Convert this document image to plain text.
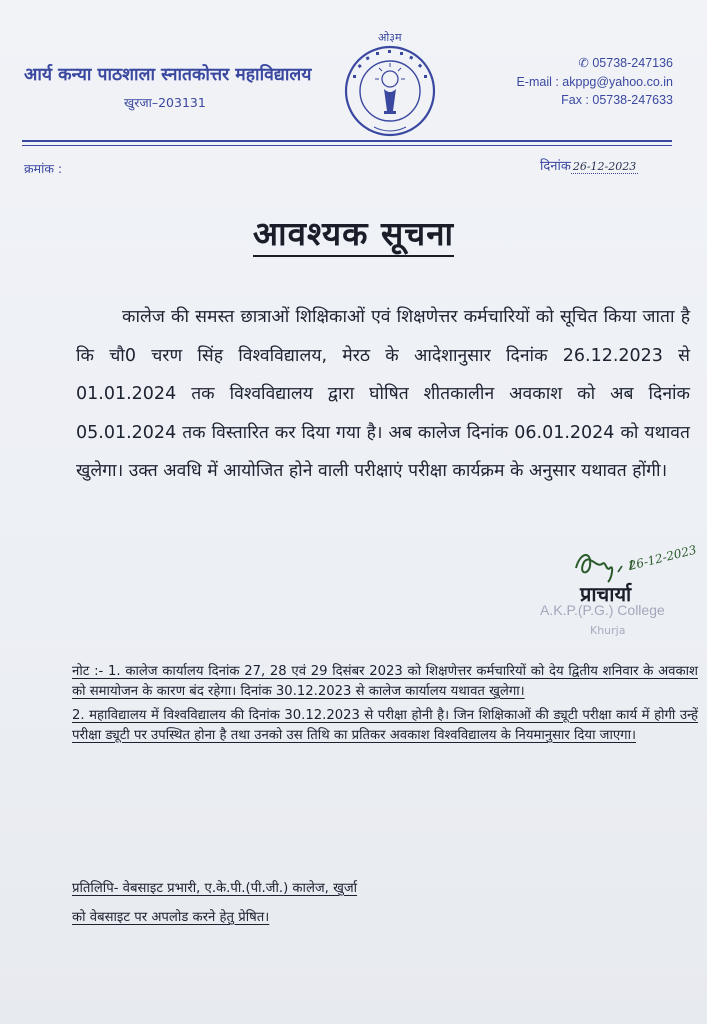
आर्य कन्या पाठशाला स्नातकोत्तर महाविद्यालय
खुरजा–203131
ओ३म
✆ 05738-247136
E-mail : akppg@yahoo.co.in
Fax : 05738-247633
क्रमांक :	दिनांक 26-12-2023
आवश्यक सूचना
कालेज की समस्त छात्राओं शिक्षिकाओं एवं शिक्षणेत्तर कर्मचारियों को सूचित किया जाता है कि चौ0 चरण सिंह विश्वविद्यालय, मेरठ के आदेशानुसार दिनांक 26.12.2023 से 01.01.2024 तक विश्वविद्यालय द्वारा घोषित शीतकालीन अवकाश को अब दिनांक 05.01.2024 तक विस्तारित कर दिया गया है। अब कालेज दिनांक 06.01.2024 को यथावत खुलेगा। उक्त अवधि में आयोजित होने वाली परीक्षाएं परीक्षा कार्यक्रम के अनुसार यथावत होंगी।
26-12-2023
प्राचार्या
A.K.P.(P.G.) College
Khurja

नोट :- 1. कालेज कार्यालय दिनांक 27, 28 एवं 29 दिसंबर 2023 को शिक्षणेत्तर कर्मचारियों को देय द्वितीय शनिवार के अवकाश को समायोजन के कारण बंद रहेगा। दिनांक 30.12.2023 से कालेज कार्यालय यथावत खुलेगा।

2. महाविद्यालय में विश्वविद्यालय की दिनांक 30.12.2023 से परीक्षा होनी है। जिन शिक्षिकाओं की ड्यूटी परीक्षा कार्य में होगी उन्हें परीक्षा ड्यूटी पर उपस्थित होना है तथा उनको उस तिथि का प्रतिकर अवकाश विश्वविद्यालय के नियमानुसार दिया जाएगा।

प्रतिलिपि- वेबसाइट प्रभारी, ए.के.पी.(पी.जी.) कालेज, खुर्जा
को वेबसाइट पर अपलोड करने हेतु प्रेषित।
